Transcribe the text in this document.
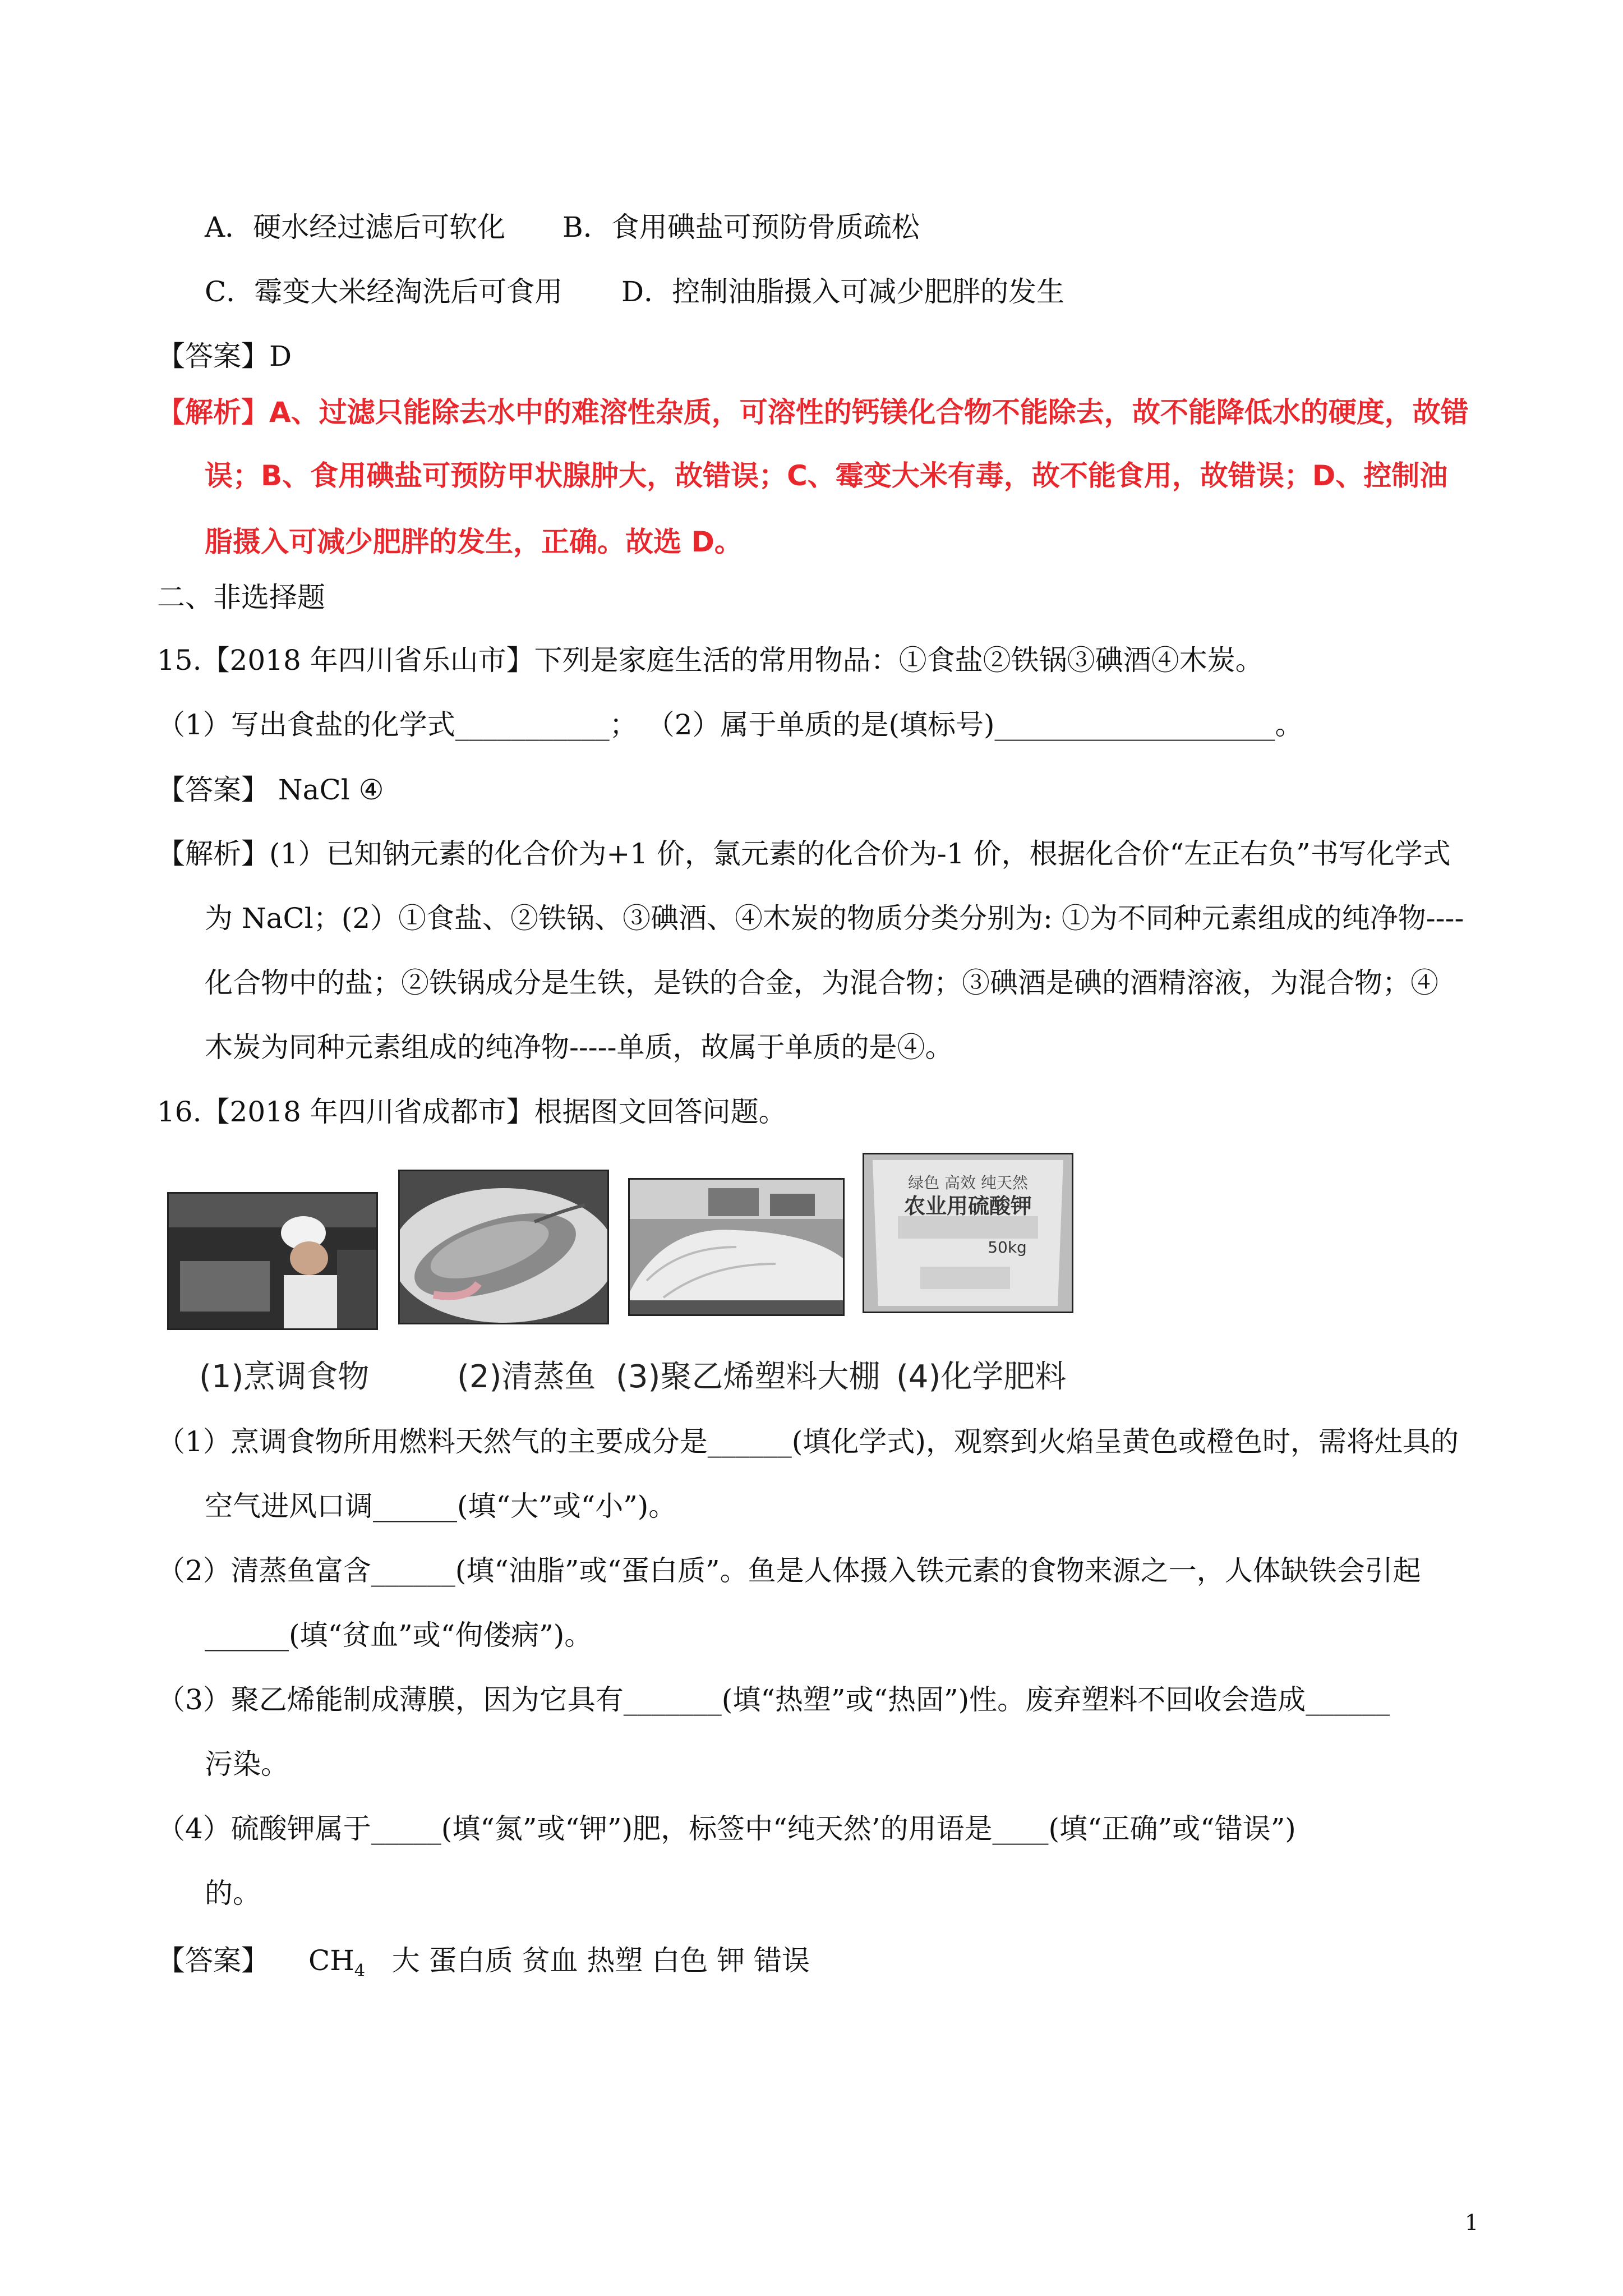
A．硬水经过滤后可软化 B．食用碘盐可预防骨质疏松
C．霉变大米经淘洗后可食用 D．控制油脂摄入可减少肥胖的发生
【答案】D
【解析】A、过滤只能除去水中的难溶性杂质，可溶性的钙镁化合物不能除去，故不能降低水的硬度，故错
误；B、食用碘盐可预防甲状腺肿大，故错误；C、霉变大米有毒，故不能食用，故错误；D、控制油
脂摄入可减少肥胖的发生，正确。故选 D。
二、非选择题
15.【2018 年四川省乐山市】下列是家庭生活的常用物品：①食盐②铁锅③碘酒④木炭。
（1）写出食盐的化学式___________； （2）属于单质的是(填标号)____________________。
【答案】 NaCl ④
【解析】(1）已知钠元素的化合价为+1 价，氯元素的化合价为-1 价，根据化合价“左正右负”书写化学式
为 NaCl；(2）①食盐、②铁锅、③碘酒、④木炭的物质分类分别为: ①为不同种元素组成的纯净物----
化合物中的盐；②铁锅成分是生铁，是铁的合金，为混合物；③碘酒是碘的酒精溶液，为混合物；④
木炭为同种元素组成的纯净物-----单质，故属于单质的是④。
16.【2018 年四川省成都市】根据图文回答问题。
绿色 高效 纯天然
农业用硫酸钾
50kg
(1)烹调食物	(2)清蒸鱼 (3)聚乙烯塑料大棚 (4)化学肥料
（1）烹调食物所用燃料天然气的主要成分是______(填化学式)，观察到火焰呈黄色或橙色时，需将灶具的
空气进风口调______(填“大”或“小”)。
（2）清蒸鱼富含______(填“油脂”或“蛋白质”。鱼是人体摄入铁元素的食物来源之一，人体缺铁会引起
______(填“贫血”或“佝偻病”)。
（3）聚乙烯能制成薄膜，因为它具有_______(填“热塑”或“热固”)性。废弃塑料不回收会造成______
污染。
（4）硫酸钾属于_____(填“氮”或“钾”)肥，标签中“纯天然’的用语是____(填“正确”或“错误”)
的。
【答案】 $CH_4$ 大 蛋白质 贫血 热塑 白色 钾 错误
1
